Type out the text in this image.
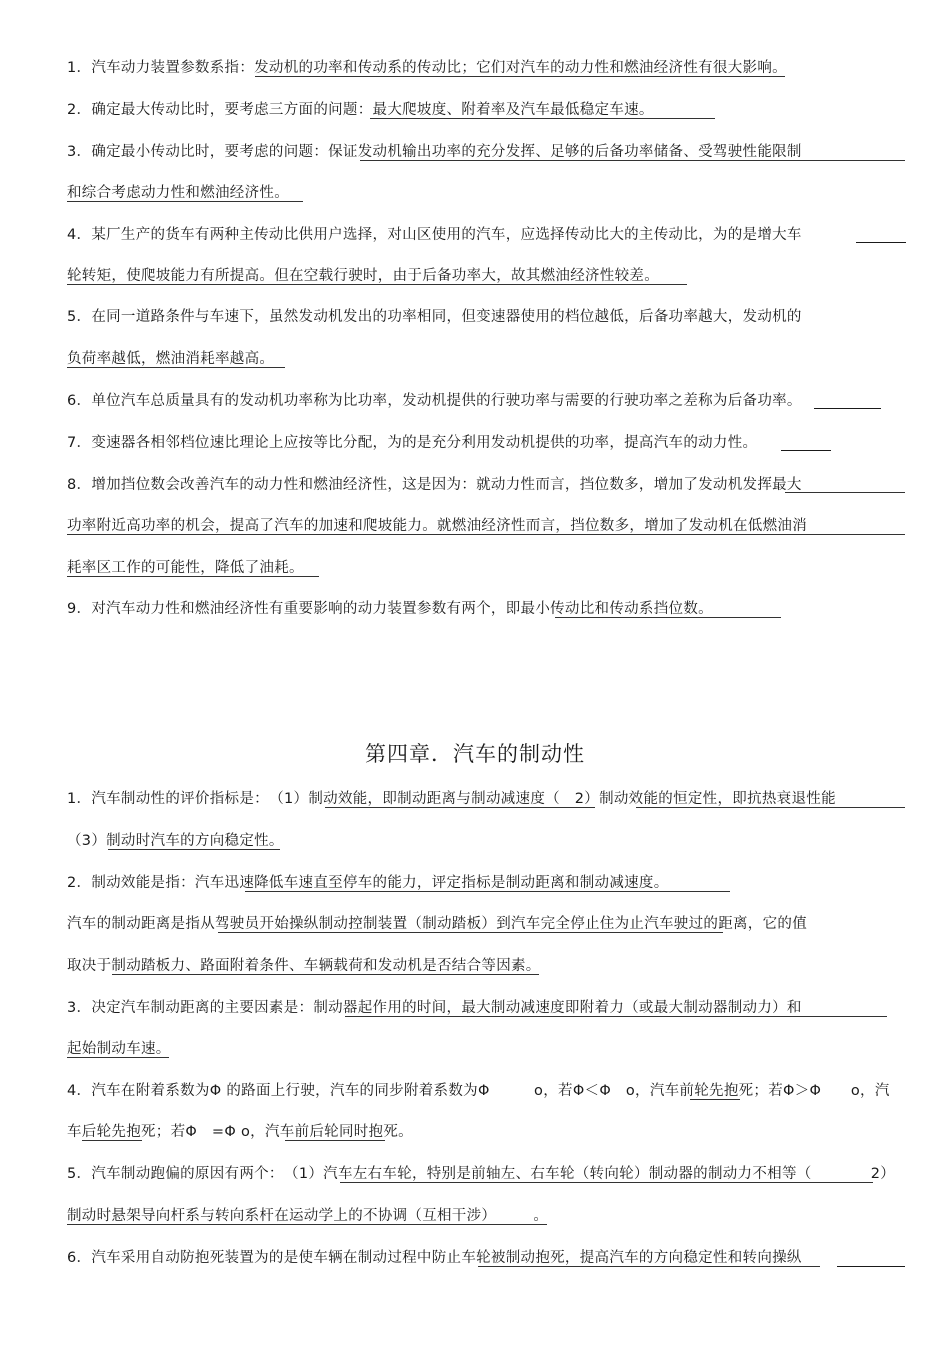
1．汽车动力装置参数系指：发动机的功率和传动系的传动比；它们对汽车的动力性和燃油经济性有很大影响。
2．确定最大传动比时，要考虑三方面的问题：最大爬坡度、附着率及汽车最低稳定车速。
3．确定最小传动比时，要考虑的问题：保证发动机输出功率的充分发挥、足够的后备功率储备、受驾驶性能限制
和综合考虑动力性和燃油经济性。
4．某厂生产的货车有两种主传动比供用户选择，对山区使用的汽车，应选择传动比大的主传动比，为的是增大车
轮转矩，使爬坡能力有所提高。但在空载行驶时，由于后备功率大，故其燃油经济性较差。
5．在同一道路条件与车速下，虽然发动机发出的功率相同，但变速器使用的档位越低，后备功率越大，发动机的
负荷率越低，燃油消耗率越高。
6．单位汽车总质量具有的发动机功率称为比功率，发动机提供的行驶功率与需要的行驶功率之差称为后备功率。
7．变速器各相邻档位速比理论上应按等比分配，为的是充分利用发动机提供的功率，提高汽车的动力性。
8．增加挡位数会改善汽车的动力性和燃油经济性，这是因为：就动力性而言，挡位数多，增加了发动机发挥最大
功率附近高功率的机会，提高了汽车的加速和爬坡能力。就燃油经济性而言，挡位数多，增加了发动机在低燃油消
耗率区工作的可能性，降低了油耗。
9．对汽车动力性和燃油经济性有重要影响的动力装置参数有两个，即最小传动比和传动系挡位数。
第四章．汽车的制动性
1．汽车制动性的评价指标是：　（1）制动效能，即制动距离与制动减速度（　2）制动效能的恒定性，即抗热衰退性能
（3）制动时汽车的方向稳定性。
2．制动效能是指：汽车迅速降低车速直至停车的能力，评定指标是制动距离和制动减速度。
汽车的制动距离是指从驾驶员开始操纵制动控制装置（制动踏板）到汽车完全停止住为止汽车驶过的距离，它的值
取决于制动踏板力、路面附着条件、车辆载荷和发动机是否结合等因素。
3．决定汽车制动距离的主要因素是：制动器起作用的时间，最大制动减速度即附着力（或最大制动器制动力）和
起始制动车速。
4．汽车在附着系数为Φ 的路面上行驶，汽车的同步附着系数为Φ　　　o，若Φ＜Φ　o，汽车前轮先抱死；若Φ＞Φ　　o，汽
车后轮先抱死；若Φ　=Φ o，汽车前后轮同时抱死。
5．汽车制动跑偏的原因有两个：　（1）汽车左右车轮，特别是前轴左、右车轮（转向轮）制动器的制动力不相等（　　　　2）
制动时悬架导向杆系与转向系杆在运动学上的不协调（互相干涉）　　　。
6．汽车采用自动防抱死装置为的是使车辆在制动过程中防止车轮被制动抱死，提高汽车的方向稳定性和转向操纵
